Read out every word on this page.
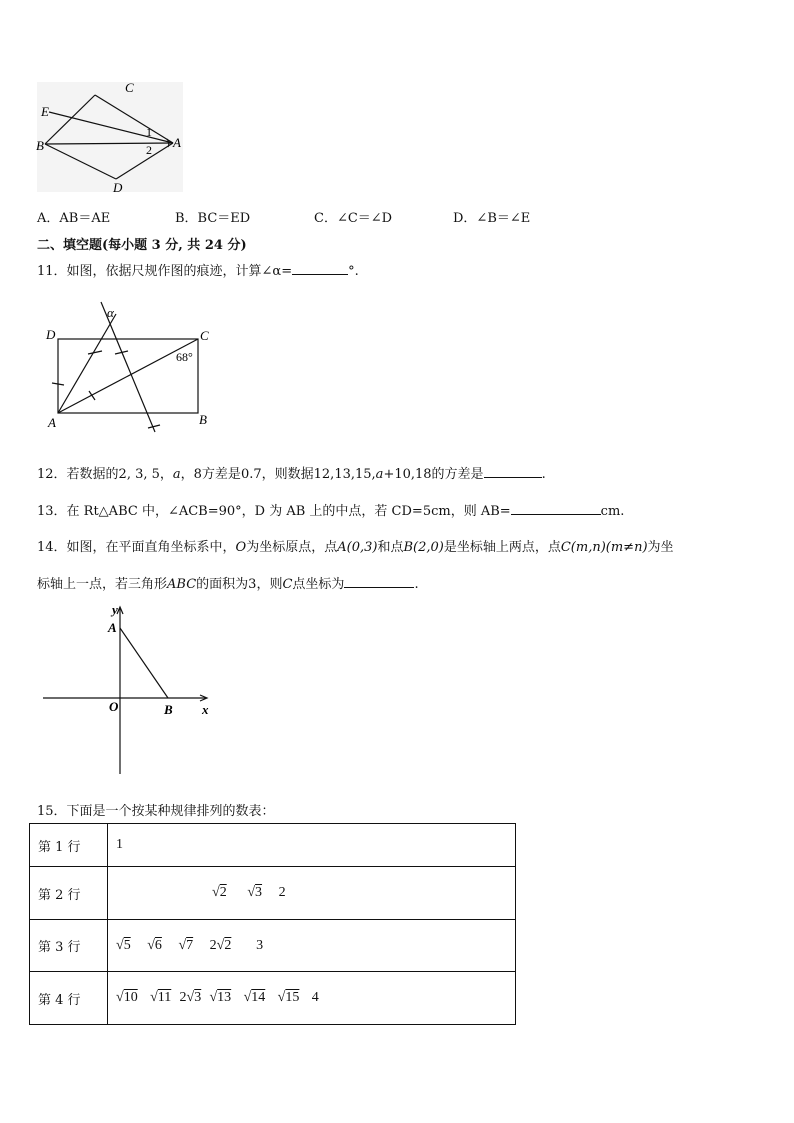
C
E
B	A
D
1
2
A．AB＝AE	B．BC＝ED	C．∠C＝∠D	D．∠B＝∠E
二、填空题(每小题 3 分, 共 24 分)
11．如图，依据尺规作图的痕迹，计算∠α=	°.
D	C
A	B
α
68°
12．若数据的2, 3, 5，a，8方差是0.7，则数据12,13,15,a+10,18的方差是	.
13．在 Rt△ABC 中，∠ACB=90°，D 为 AB 上的中点，若 CD=5cm，则 AB=	cm.
14．如图，在平面直角坐标系中，O为坐标原点，点A(0,3)和点B(2,0)是坐标轴上两点，点C(m,n)(m≠n)为坐
标轴上一点，若三角形ABC的面积为3，则C点坐标为	.
y
A
O	B x
15．下面是一个按某种规律排列的数表：
第 1 行	1
第 2 行	√2 √3 2
第 3 行	√5 √6 √7 2√2 3
第 4 行	√10 √11 2√3 √13 √14 √15 4
